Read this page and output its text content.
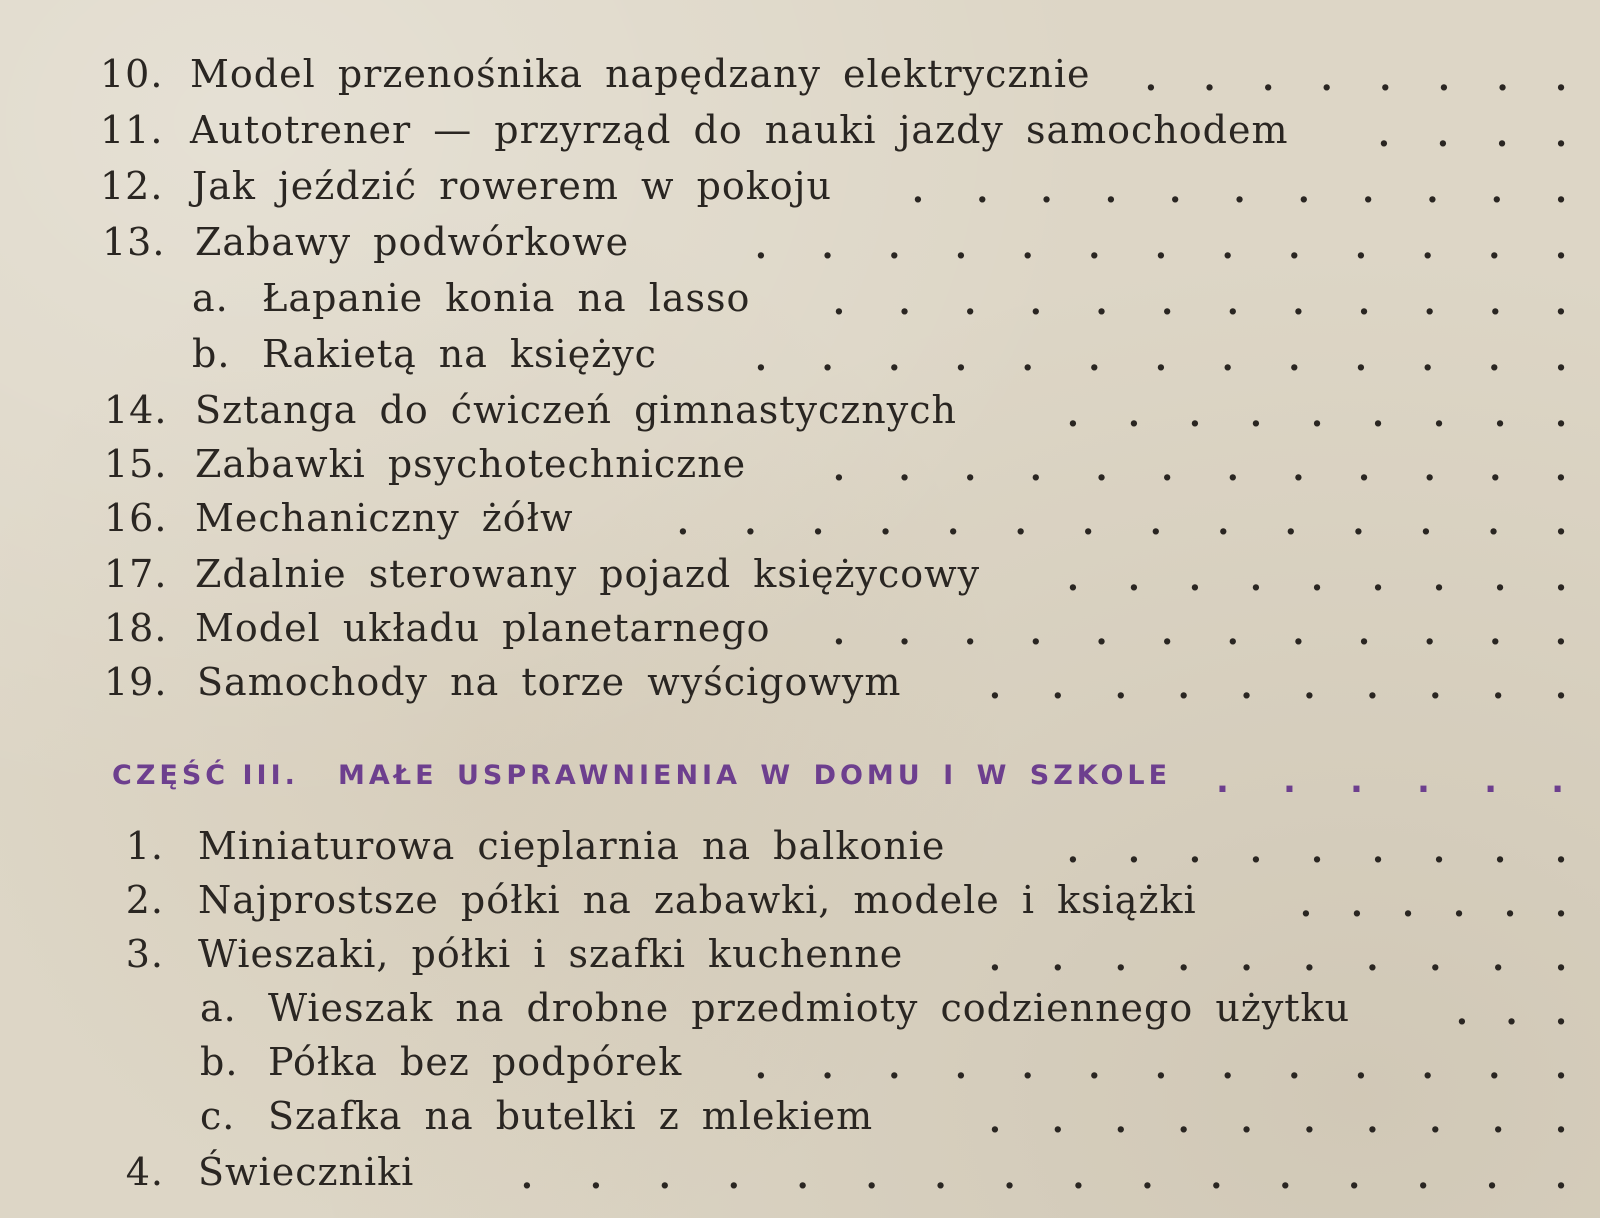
10. Model przenośnika napędzany elektrycznie . . . . . . . .
11. Autotrener — przyrząd do nauki jazdy samochodem	. . . .
12. Jak jeździć rowerem w pokoju . . . . . . . . . . .
13. Zabawy podwórkowe	. . . . . . . . . . . . .
a. Łapanie konia na lasso . . . . . . . . . . . .
b. Rakietą na księżyc	. . . . . . . . . . . . .
14. Sztanga do ćwiczeń gimnastycznych	. . . . . . . . .
15. Zabawki psychotechniczne	. . . . . . . . . . . .
16. Mechaniczny żółw	. . . . . . . . . . . . . .
17. Zdalnie sterowany pojazd księżycowy	. . . . . . . . .
18. Model układu planetarnego . . . . . . . . . . . .
19. Samochody na torze wyścigowym	. . . . . . . . . .
CZĘŚĆ III. MAŁE USPRAWNIENIA W DOMU I W SZKOLE . . . . . .
1. Miniaturowa cieplarnia na balkonie	. . . . . . . . .
2. Najprostsze półki na zabawki, modele i książki	. . . . . .
3. Wieszaki, półki i szafki kuchenne	. . . . . . . . . .
a. Wieszak na drobne przedmioty codziennego użytku	. . .
b. Półka bez podpórek . . . . . . . . . . . . .
c. Szafka na butelki z mlekiem	. . . . . . . . . .
4. Świeczniki	. . . . . . . . . . . . . . . .
